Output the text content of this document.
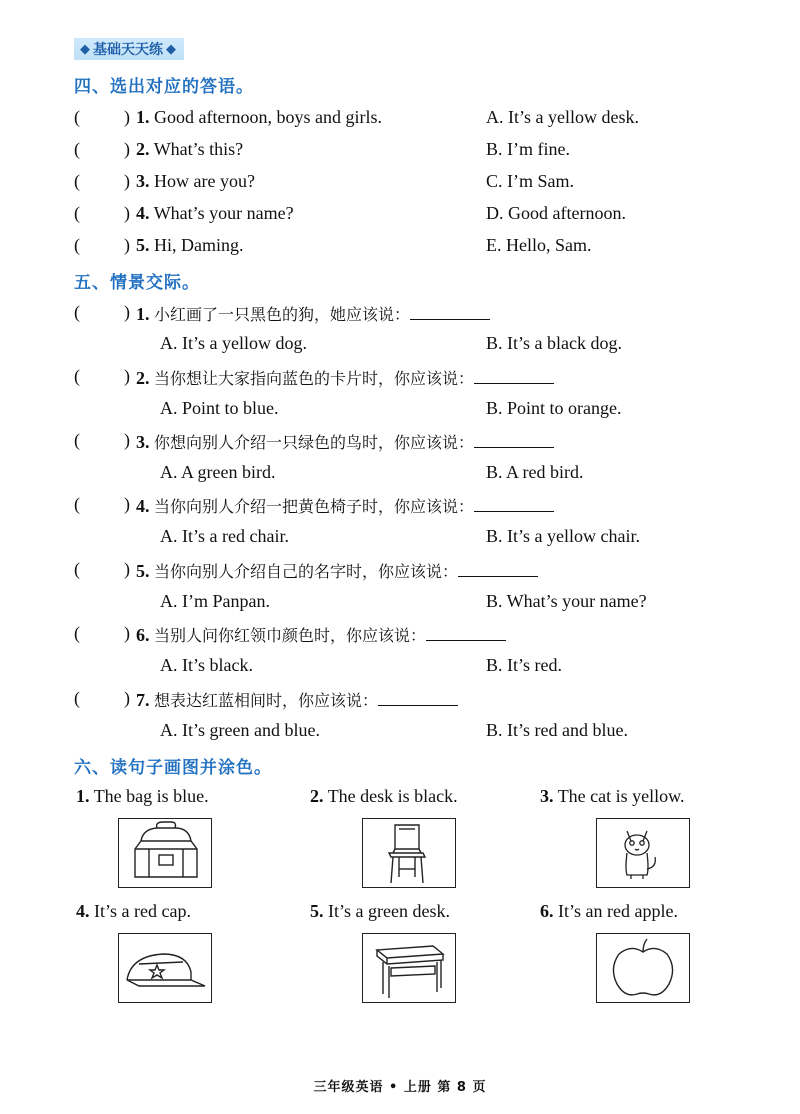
◆ 基础天天练 ◆
四、选出对应的答语。
( ) 1. Good afternoon, boys and girls.	A. It’s a yellow desk.
( ) 2. What’s this?	B. I’m fine.
( ) 3. How are you?	C. I’m Sam.
( ) 4. What’s your name?	D. Good afternoon.
( ) 5. Hi, Daming.	E. Hello, Sam.
五、情景交际。
( ) 1. 小红画了一只黑色的狗，她应该说：
A. It’s a yellow dog.	B. It’s a black dog.
( ) 2. 当你想让大家指向蓝色的卡片时，你应该说：
A. Point to blue.	B. Point to orange.
( ) 3. 你想向别人介绍一只绿色的鸟时，你应该说：
A. A green bird.	B. A red bird.
( ) 4. 当你向别人介绍一把黄色椅子时，你应该说：
A. It’s a red chair.	B. It’s a yellow chair.
( ) 5. 当你向别人介绍自己的名字时，你应该说：
A. I’m Panpan.	B. What’s your name?
( ) 6. 当别人问你红领巾颜色时，你应该说：
A. It’s black.	B. It’s red.
( ) 7. 想表达红蓝相间时，你应该说：
A. It’s green and blue.	B. It’s red and blue.
六、读句子画图并涂色。
1. The bag is blue.	2. The desk is black.	3. The cat is yellow.
4. It’s a red cap.	5. It’s a green desk.	6. It’s an red apple.
三年级英语 • 上册 第 8 页
